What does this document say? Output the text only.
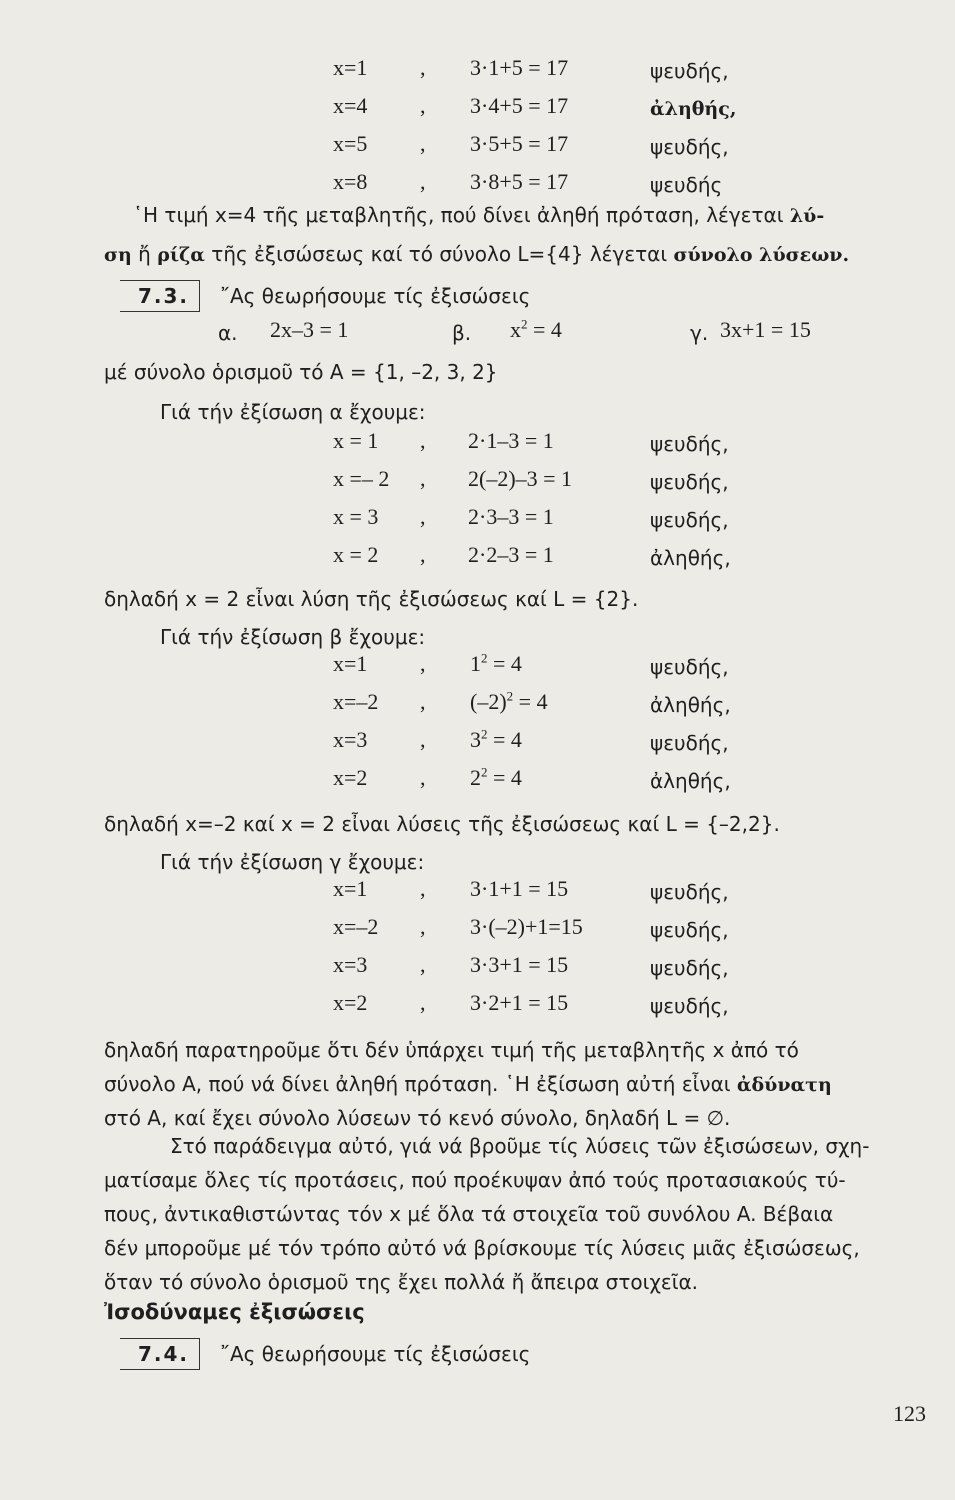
x=1 , 3·1+5 = 17	ψευδής,
x=4 , 3·4+5 = 17	ἀληθής,
x=5 , 3·5+5 = 17	ψευδής,
x=8 , 3·8+5 = 17	ψευδής
῾Η τιμή x=4 τῆς μεταβλητῆς, πού δίνει ἀληθή πρόταση, λέγεται λύ-
ση ἤ ρίζα τῆς ἐξισώσεως καί τό σύνολο L={4} λέγεται σύνολο λύσεων.
7.3.	῎Ας θεωρήσουμε τίς ἐξισώσεις
α. 2x–3 = 1	β. $x^2 = 4$	γ. 3x+1 = 15
μέ σύνολο ὁρισμοῦ τό A = {1, –2, 3, 2}
Γιά τήν ἐξίσωση α ἔχουμε:
x = 1 , 2·1–3 = 1	ψευδής,
x =– 2 , 2(–2)–3 = 1	ψευδής,
x = 3 , 2·3–3 = 1	ψευδής,
x = 2 , 2·2–3 = 1	ἀληθής,
δηλαδή x = 2 εἶναι λύση τῆς ἐξισώσεως καί L = {2}.
Γιά τήν ἐξίσωση β ἔχουμε:
x=1 , $1^2 = 4$	ψευδής,
x=–2 , $(-2)^2 = 4$	ἀληθής,
x=3 , $3^2 = 4$	ψευδής,
x=2 , $2^2 = 4$	ἀληθής,
δηλαδή x=–2 καί x = 2 εἶναι λύσεις τῆς ἐξισώσεως καί L = {–2,2}.
Γιά τήν ἐξίσωση γ ἔχουμε:
x=1 , 3·1+1 = 15	ψευδής,
x=–2 , 3·(–2)+1=15	ψευδής,
x=3 , 3·3+1 = 15	ψευδής,
x=2 , 3·2+1 = 15	ψευδής,
δηλαδή παρατηροῦμε ὅτι δέν ὑπάρχει τιμή τῆς μεταβλητῆς x ἀπό τό
σύνολο A, πού νά δίνει ἀληθή πρόταση. ῾Η ἐξίσωση αὐτή εἶναι ἀδύνατη
στό A, καί ἔχει σύνολο λύσεων τό κενό σύνολο, δηλαδή L = ∅.
Στό παράδειγμα αὐτό, γιά νά βροῦμε τίς λύσεις τῶν ἐξισώσεων, σχη-
ματίσαμε ὅλες τίς προτάσεις, πού προέκυψαν ἀπό τούς προτασιακούς τύ-
πους, ἀντικαθιστώντας τόν x μέ ὅλα τά στοιχεῖα τοῦ συνόλου A. Βέβαια
δέν μποροῦμε μέ τόν τρόπο αὐτό νά βρίσκουμε τίς λύσεις μιᾶς ἐξισώσεως,
ὅταν τό σύνολο ὁρισμοῦ της ἔχει πολλά ἤ ἄπειρα στοιχεῖα.
Ἰσοδύναμες ἐξισώσεις
7.4.	῎Ας θεωρήσουμε τίς ἐξισώσεις
123
